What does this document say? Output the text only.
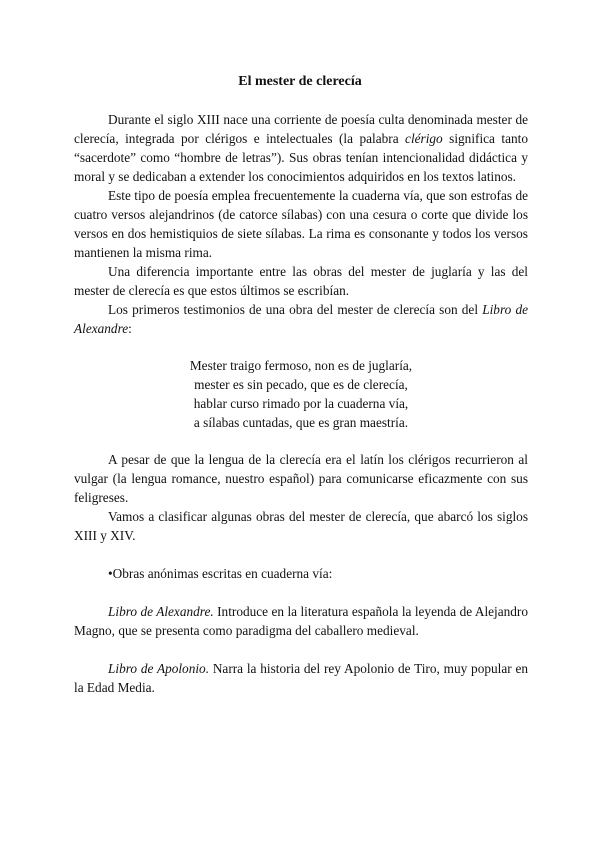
El mester de clerecía

Durante el siglo XIII nace una corriente de poesía culta denominada mester de clerecía, integrada por clérigos e intelectuales (la palabra clérigo significa tanto “sacerdote” como “hombre de letras”). Sus obras tenían intencionalidad didáctica y moral y se dedicaban a extender los conocimientos adquiridos en los textos latinos.

Este tipo de poesía emplea frecuentemente la cuaderna vía, que son estrofas de cuatro versos alejandrinos (de catorce sílabas) con una cesura o corte que divide los versos en dos hemistiquios de siete sílabas. La rima es consonante y todos los versos mantienen la misma rima.

Una diferencia importante entre las obras del mester de juglaría y las del mester de clerecía es que estos últimos se escribían.

Los primeros testimonios de una obra del mester de clerecía son del Libro de Alexandre:

Mester traigo fermoso, non es de juglaría,
mester es sin pecado, que es de clerecía,
hablar curso rimado por la cuaderna vía,
a sílabas cuntadas, que es gran maestría.

A pesar de que la lengua de la clerecía era el latín los clérigos recurrieron al vulgar (la lengua romance, nuestro español) para comunicarse eficazmente con sus feligreses.

Vamos a clasificar algunas obras del mester de clerecía, que abarcó los siglos XIII y XIV.

•Obras anónimas escritas en cuaderna vía:

Libro de Alexandre. Introduce en la literatura española la leyenda de Alejandro Magno, que se presenta como paradigma del caballero medieval.

Libro de Apolonio. Narra la historia del rey Apolonio de Tiro, muy popular en la Edad Media.
